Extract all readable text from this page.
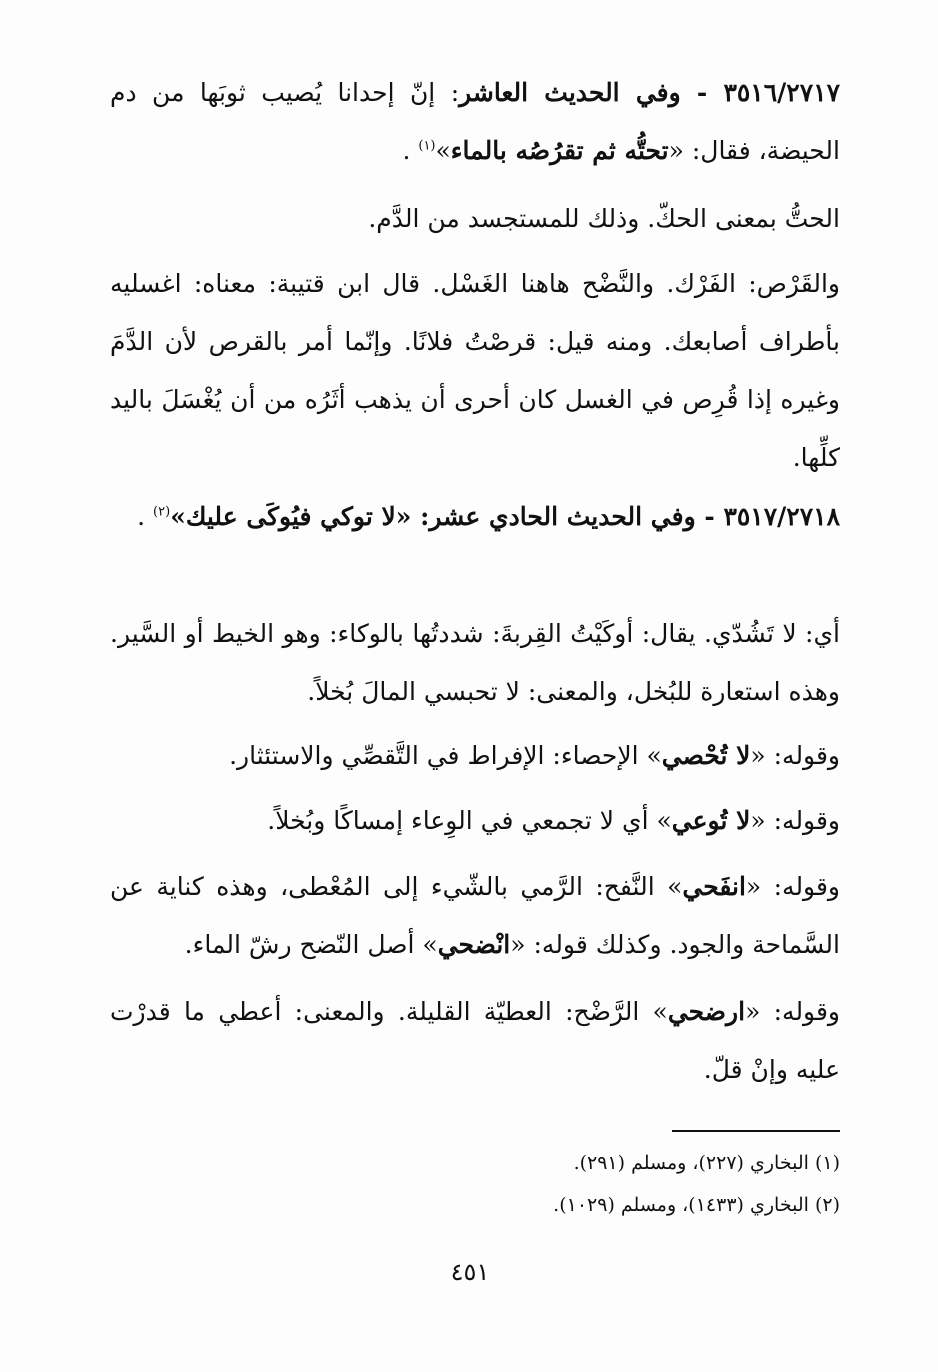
٣٥١٦/٢٧١٧ - وفي الحديث العاشر: إنّ إحدانا يُصيب ثوبَها من دم الحيضة، فقال: «تحتُّه ثم تقرُصُه بالماء»$^{(١)}$ .
الحتُّ بمعنى الحكّ. وذلك للمستجسد من الدَّم.
والقَرْص: الفَرْك. والنَّضْح هاهنا الغَسْل. قال ابن قتيبة: معناه: اغسليه بأطراف أصابعك. ومنه قيل: قرصْتُ فلانًا. وإنّما أمر بالقرص لأن الدَّمَ وغيره إذا قُرِص في الغسل كان أحرى أن يذهب أثَرُه من أن يُغْسَلَ باليد كلِّها.
٣٥١٧/٢٧١٨ - وفي الحديث الحادي عشر: «لا توكي فيُوكَى عليك»$^{(٢)}$ .
أي: لا تَشُدّي. يقال: أوكَيْتُ القِربةَ: شددتُها بالوكاء: وهو الخيط أو السَّير. وهذه استعارة للبُخل، والمعنى: لا تحبسي المالَ بُخلاً.
وقوله: «لا تُحْصي» الإحصاء: الإفراط في التَّقصِّي والاستئثار.
وقوله: «لا تُوعي» أي لا تجمعي في الوِعاء إمساكًا وبُخلاً.
وقوله: «انفَحي» النَّفح: الرَّمي بالشّيء إلى المُعْطى، وهذه كناية عن السَّماحة والجود. وكذلك قوله: «انْضحي» أصل النّضح رشّ الماء.
وقوله: «ارضحي» الرَّضْح: العطيّة القليلة. والمعنى: أعطي ما قدرْت عليه وإنْ قلّ.
(١) البخاري (٢٢٧)، ومسلم (٢٩١).
(٢) البخاري (١٤٣٣)، ومسلم (١٠٢٩).
٤٥١
